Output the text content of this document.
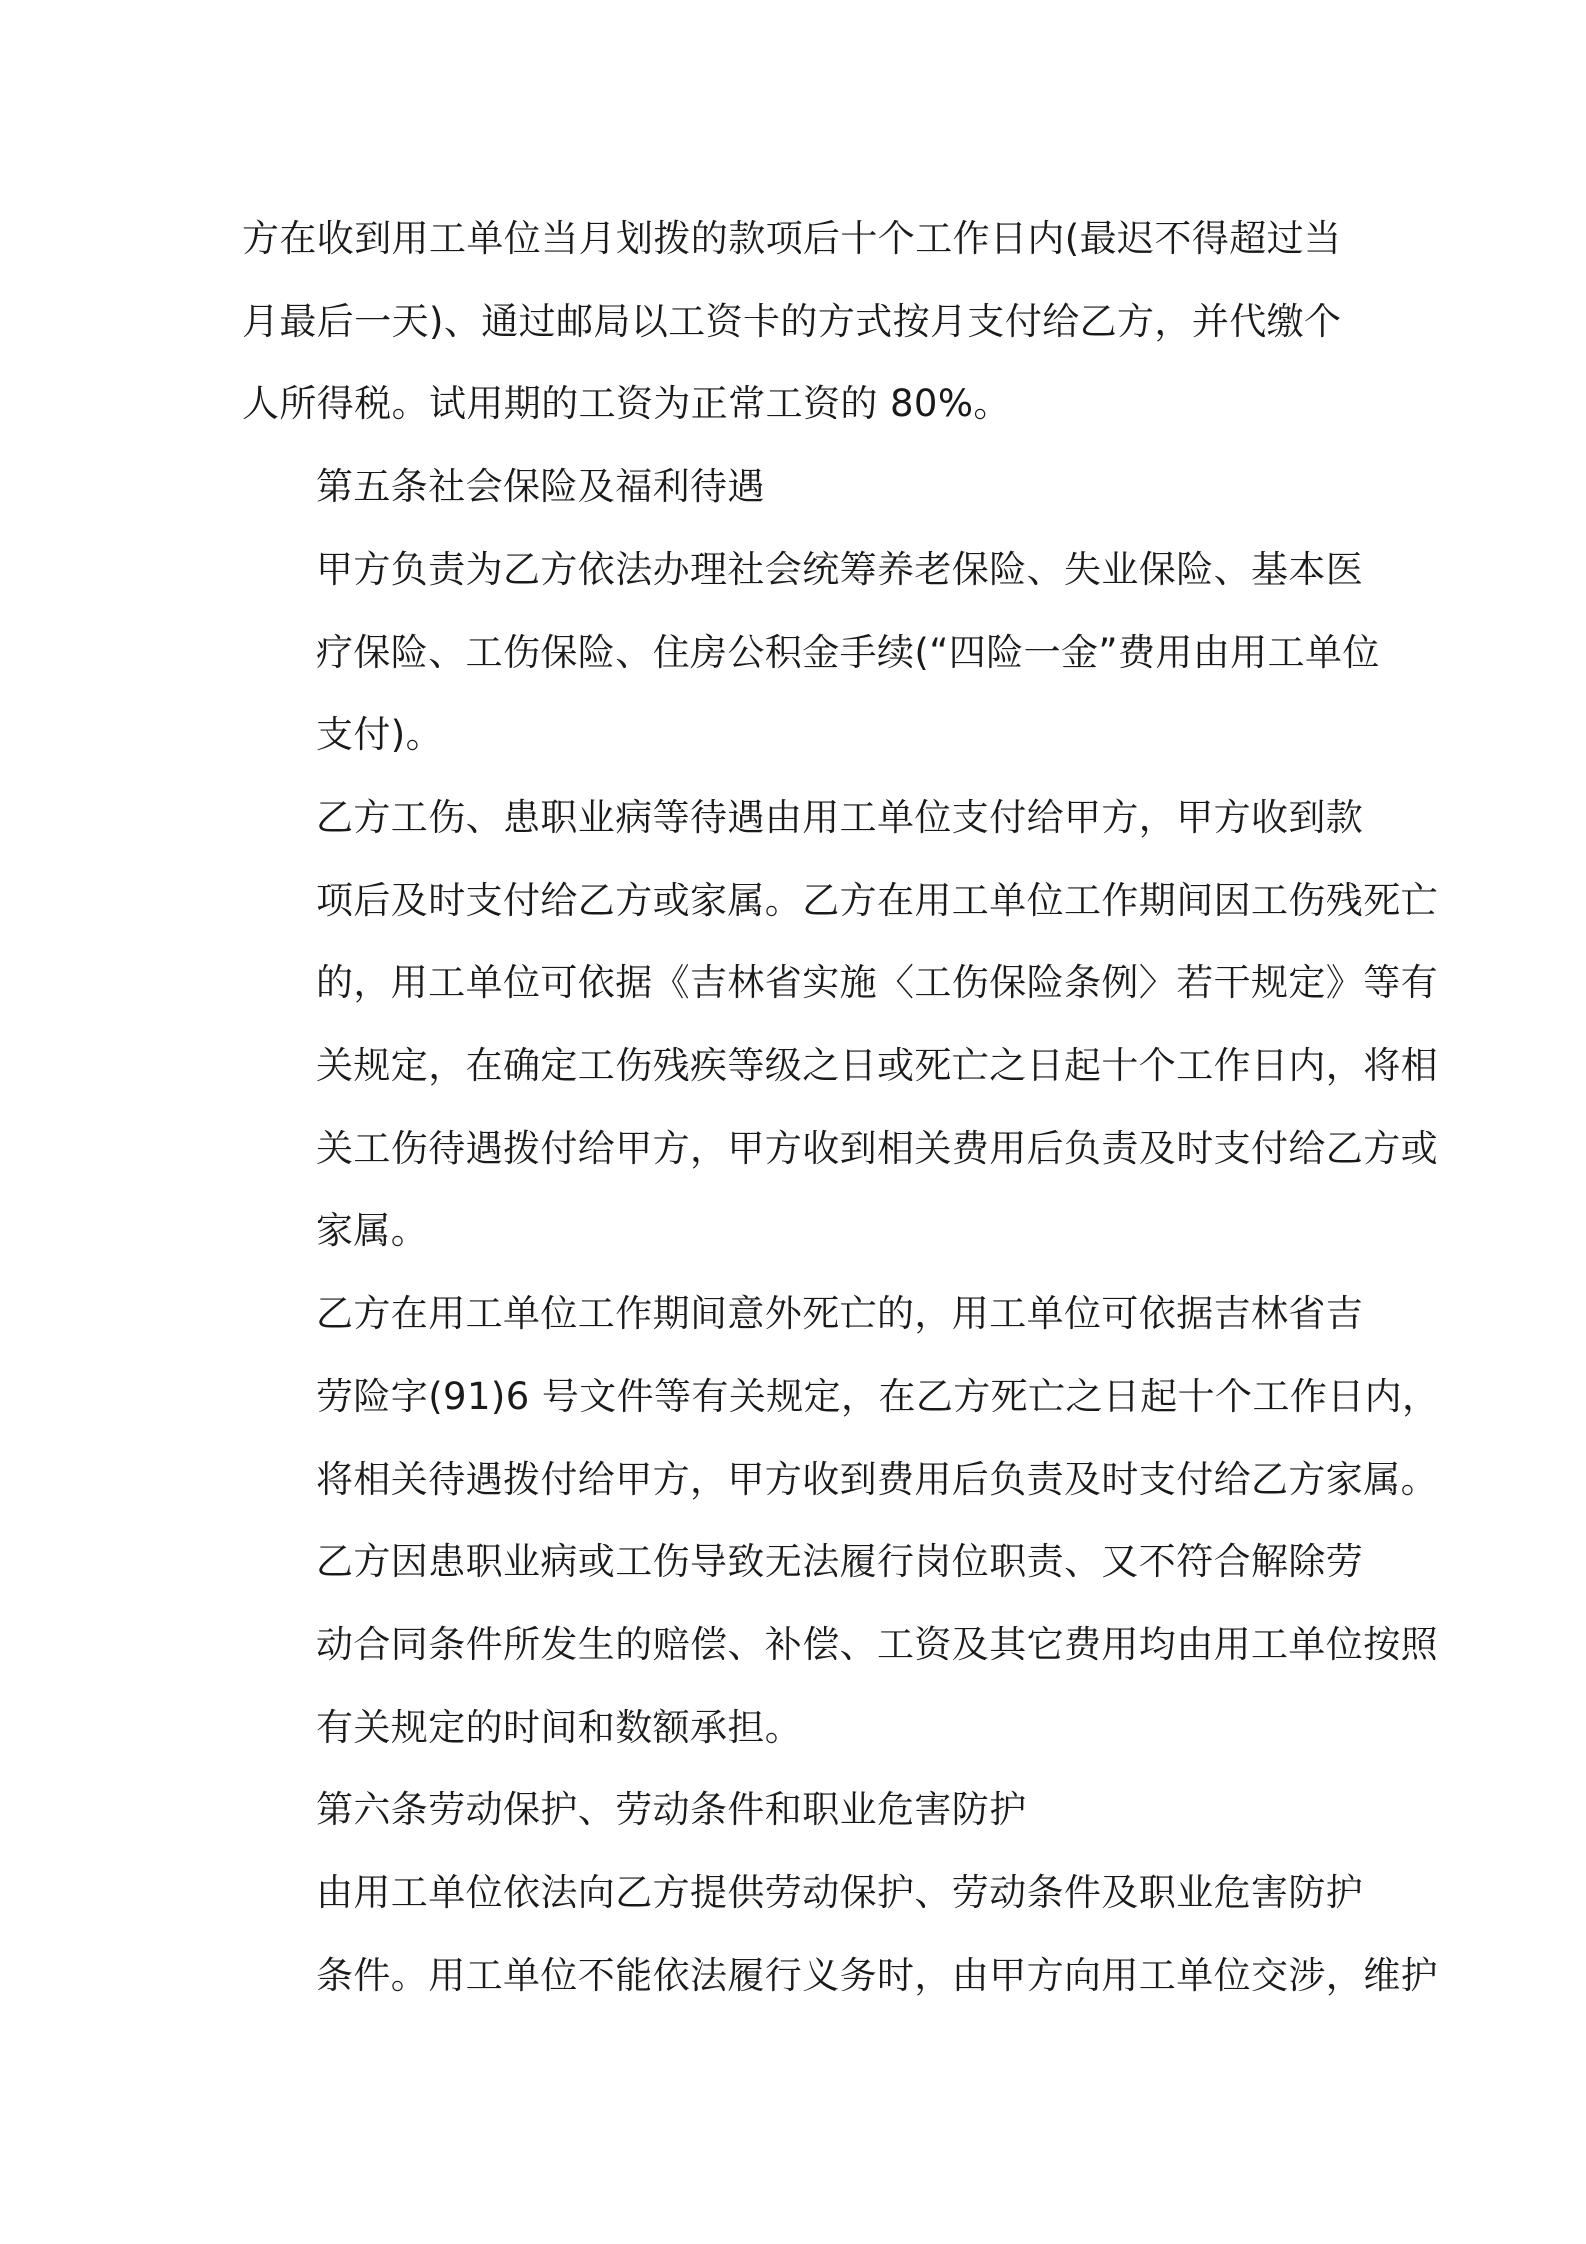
方在收到用工单位当月划拨的款项后十个工作日内(最迟不得超过当
月最后一天)、通过邮局以工资卡的方式按月支付给乙方，并代缴个
人所得税。试用期的工资为正常工资的 80%。

第五条社会保险及福利待遇

甲方负责为乙方依法办理社会统筹养老保险、失业保险、基本医
疗保险、工伤保险、住房公积金手续(“四险一金”费用由用工单位
支付)。

乙方工伤、患职业病等待遇由用工单位支付给甲方，甲方收到款
项后及时支付给乙方或家属。乙方在用工单位工作期间因工伤残死亡
的，用工单位可依据《吉林省实施〈工伤保险条例〉若干规定》等有
关规定，在确定工伤残疾等级之日或死亡之日起十个工作日内，将相
关工伤待遇拨付给甲方，甲方收到相关费用后负责及时支付给乙方或
家属。

乙方在用工单位工作期间意外死亡的，用工单位可依据吉林省吉
劳险字(91)6 号文件等有关规定，在乙方死亡之日起十个工作日内，
将相关待遇拨付给甲方，甲方收到费用后负责及时支付给乙方家属。

乙方因患职业病或工伤导致无法履行岗位职责、又不符合解除劳
动合同条件所发生的赔偿、补偿、工资及其它费用均由用工单位按照
有关规定的时间和数额承担。

第六条劳动保护、劳动条件和职业危害防护

由用工单位依法向乙方提供劳动保护、劳动条件及职业危害防护
条件。用工单位不能依法履行义务时，由甲方向用工单位交涉，维护
